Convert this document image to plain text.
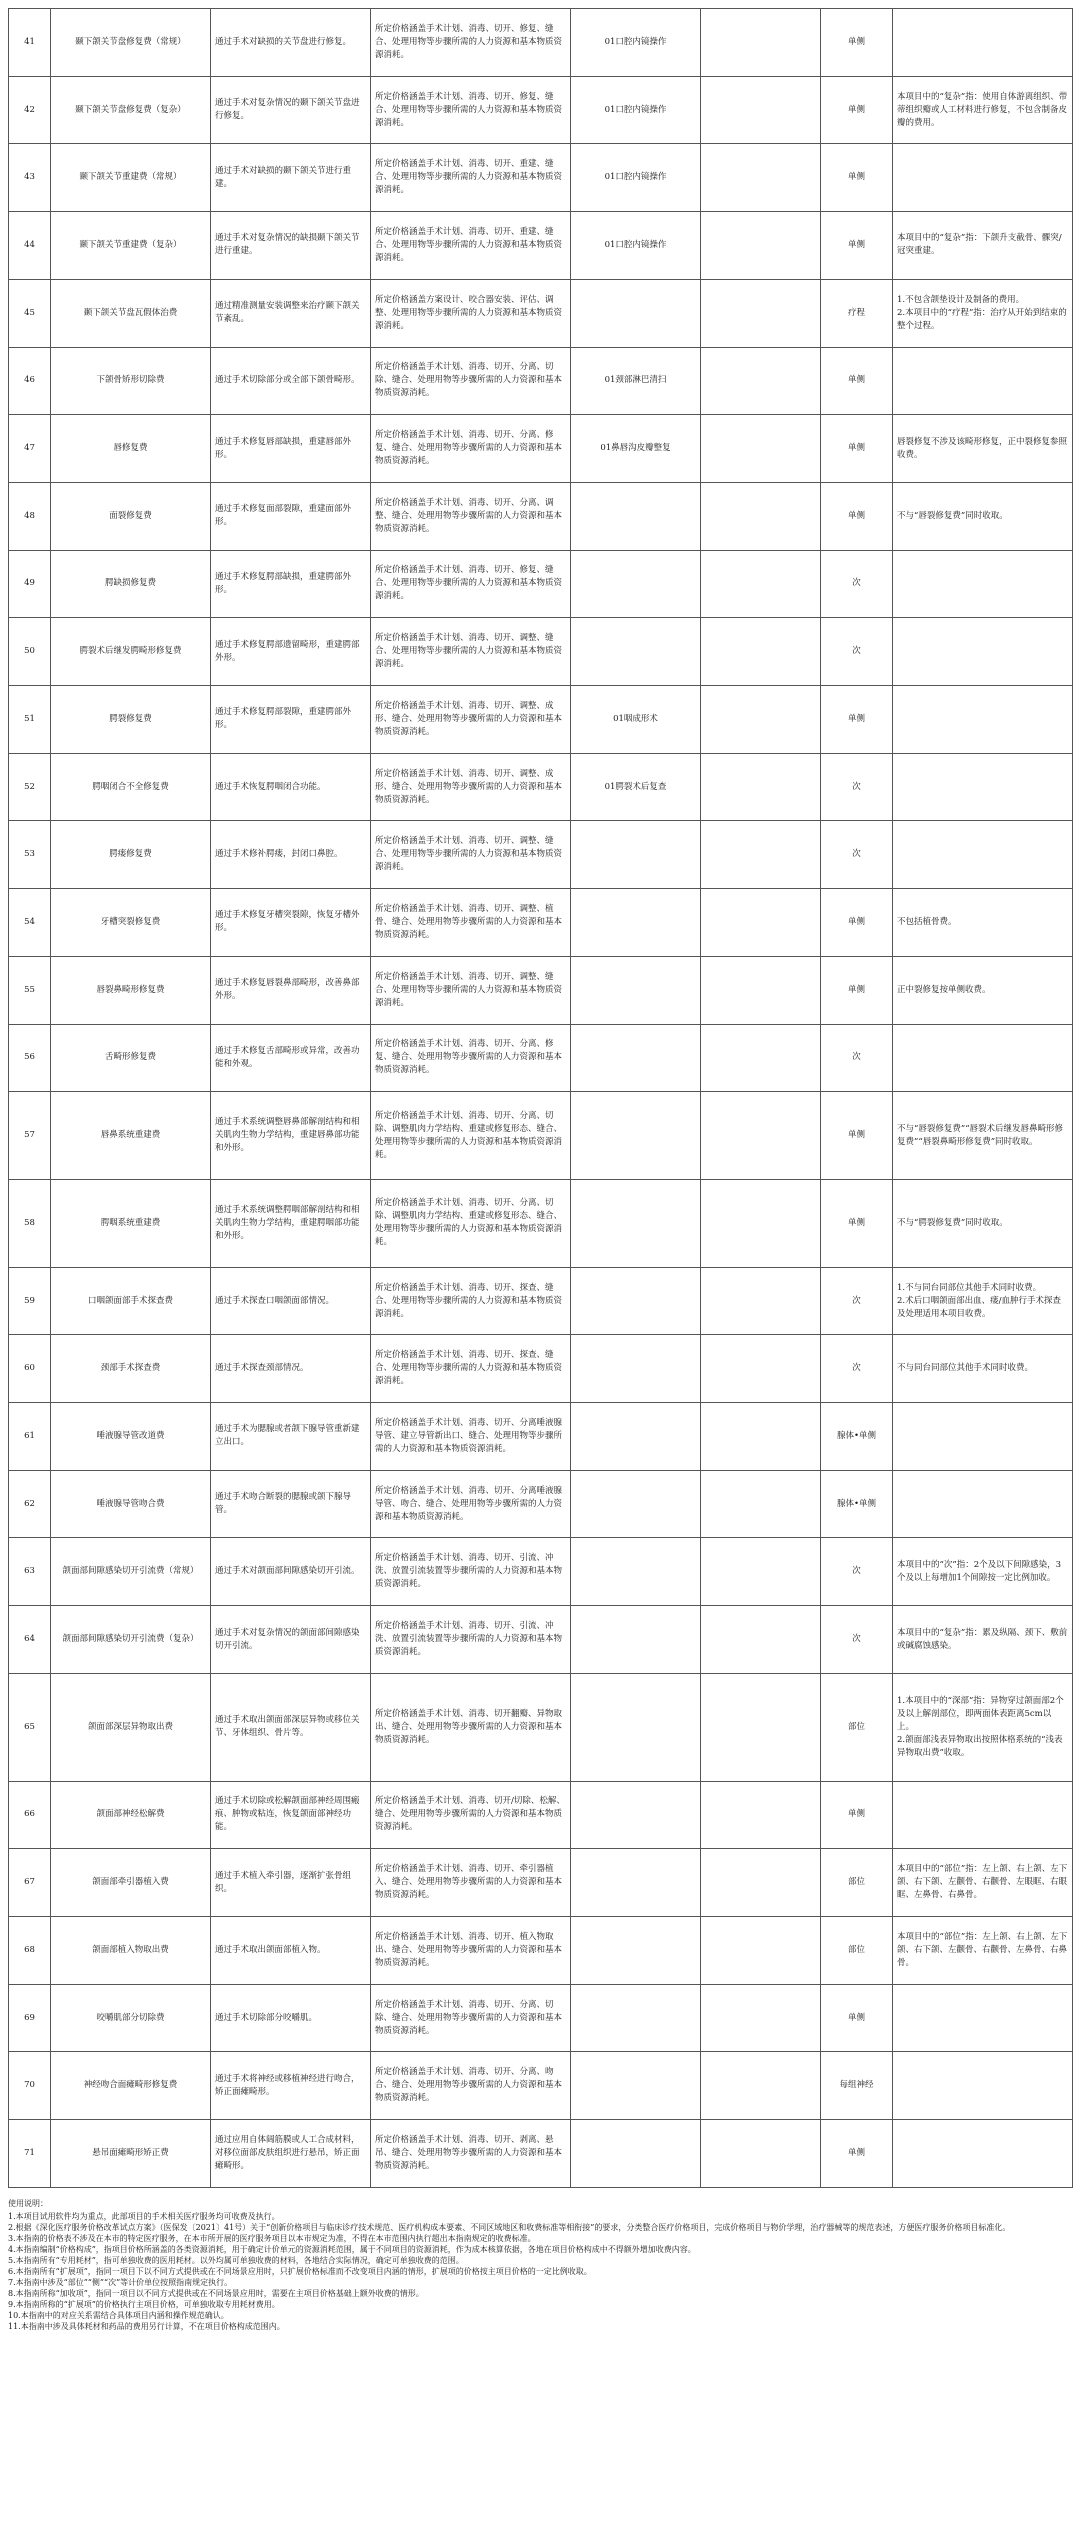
41	颞下颌关节盘修复费（常规）	通过手术对缺损的关节盘进行修复。	所定价格涵盖手术计划、消毒、切开、修复、缝合、处理用物等步骤所需的人力资源和基本物质资源消耗。	01口腔内镜操作		单侧	
42	颞下颌关节盘修复费（复杂）	通过手术对复杂情况的颞下颌关节盘进行修复。	所定价格涵盖手术计划、消毒、切开、修复、缝合、处理用物等步骤所需的人力资源和基本物质资源消耗。	01口腔内镜操作		单侧	本项目中的“复杂”指：使用自体游离组织、带蒂组织瓣或人工材料进行修复，不包含制备皮瓣的费用。
43	颞下颌关节重建费（常规）	通过手术对缺损的颞下颌关节进行重建。	所定价格涵盖手术计划、消毒、切开、重建、缝合、处理用物等步骤所需的人力资源和基本物质资源消耗。	01口腔内镜操作		单侧	
44	颞下颌关节重建费（复杂）	通过手术对复杂情况的缺损颞下颌关节进行重建。	所定价格涵盖手术计划、消毒、切开、重建、缝合、处理用物等步骤所需的人力资源和基本物质资源消耗。	01口腔内镜操作		单侧	本项目中的“复杂”指：下颌升支截骨、髁突/冠突重建。
45	颞下颌关节盘瓦假体治费	通过精准测量安装调整来治疗颞下颌关节紊乱。	所定价格涵盖方案设计、咬合器安装、评估、调整、处理用物等步骤所需的人力资源和基本物质资源消耗。			疗程	1.不包含颌垫设计及制备的费用。
2.本项目中的“疗程”指：治疗从开始到结束的整个过程。
46	下颌骨矫形切除费	通过手术切除部分或全部下颌骨畸形。	所定价格涵盖手术计划、消毒、切开、分离、切除、缝合、处理用物等步骤所需的人力资源和基本物质资源消耗。	01颈部淋巴清扫		单侧	
47	唇修复费	通过手术修复唇部缺损，重建唇部外形。	所定价格涵盖手术计划、消毒、切开、分离、修复、缝合、处理用物等步骤所需的人力资源和基本物质资源消耗。	01鼻唇沟皮瓣整复		单侧	唇裂修复不涉及该畸形修复，正中裂修复参照收费。
48	面裂修复费	通过手术修复面部裂隙，重建面部外形。	所定价格涵盖手术计划、消毒、切开、分离、调整、缝合、处理用物等步骤所需的人力资源和基本物质资源消耗。			单侧	不与“唇裂修复费”同时收取。
49	腭缺损修复费	通过手术修复腭部缺损，重建腭部外形。	所定价格涵盖手术计划、消毒、切开、修复、缝合、处理用物等步骤所需的人力资源和基本物质资源消耗。			次	
50	腭裂术后继发腭畸形修复费	通过手术修复腭部遗留畸形，重建腭部外形。	所定价格涵盖手术计划、消毒、切开、调整、缝合、处理用物等步骤所需的人力资源和基本物质资源消耗。			次	
51	腭裂修复费	通过手术修复腭部裂隙，重建腭部外形。	所定价格涵盖手术计划、消毒、切开、调整、成形、缝合、处理用物等步骤所需的人力资源和基本物质资源消耗。	01咽成形术		单侧	
52	腭咽闭合不全修复费	通过手术恢复腭咽闭合功能。	所定价格涵盖手术计划、消毒、切开、调整、成形、缝合、处理用物等步骤所需的人力资源和基本物质资源消耗。	01腭裂术后复查		次	
53	腭瘘修复费	通过手术修补腭瘘，封闭口鼻腔。	所定价格涵盖手术计划、消毒、切开、调整、缝合、处理用物等步骤所需的人力资源和基本物质资源消耗。			次	
54	牙槽突裂修复费	通过手术修复牙槽突裂隙，恢复牙槽外形。	所定价格涵盖手术计划、消毒、切开、调整、植骨、缝合、处理用物等步骤所需的人力资源和基本物质资源消耗。			单侧	不包括植骨费。
55	唇裂鼻畸形修复费	通过手术修复唇裂鼻部畸形，改善鼻部外形。	所定价格涵盖手术计划、消毒、切开、调整、缝合、处理用物等步骤所需的人力资源和基本物质资源消耗。			单侧	正中裂修复按单侧收费。
56	舌畸形修复费	通过手术修复舌部畸形或异常，改善功能和外观。	所定价格涵盖手术计划、消毒、切开、分离、修复、缝合、处理用物等步骤所需的人力资源和基本物质资源消耗。			次	
57	唇鼻系统重建费	通过手术系统调整唇鼻部解剖结构和相关肌肉生物力学结构，重建唇鼻部功能和外形。	所定价格涵盖手术计划、消毒、切开、分离、切除、调整肌肉力学结构、重建或修复形态、缝合、处理用物等步骤所需的人力资源和基本物质资源消耗。			单侧	不与“唇裂修复费”“唇裂术后继发唇鼻畸形修复费”“唇裂鼻畸形修复费”同时收取。
58	腭咽系统重建费	通过手术系统调整腭咽部解剖结构和相关肌肉生物力学结构，重建腭咽部功能和外形。	所定价格涵盖手术计划、消毒、切开、分离、切除、调整肌肉力学结构、重建或修复形态、缝合、处理用物等步骤所需的人力资源和基本物质资源消耗。			单侧	不与“腭裂修复费”同时收取。
59	口咽颌面部手术探查费	通过手术探查口咽颌面部情况。	所定价格涵盖手术计划、消毒、切开、探查、缝合、处理用物等步骤所需的人力资源和基本物质资源消耗。			次	1.不与同台同部位其他手术同时收费。
2.术后口咽颌面部出血、瘘/血肿行手术探查及处理适用本项目收费。
60	颈部手术探查费	通过手术探查颈部情况。	所定价格涵盖手术计划、消毒、切开、探查、缝合、处理用物等步骤所需的人力资源和基本物质资源消耗。			次	不与同台同部位其他手术同时收费。
61	唾液腺导管改道费	通过手术为腮腺或者颌下腺导管重新建立出口。	所定价格涵盖手术计划、消毒、切开、分离唾液腺导管、建立导管新出口、缝合、处理用物等步骤所需的人力资源和基本物质资源消耗。			腺体•单侧	
62	唾液腺导管吻合费	通过手术吻合断裂的腮腺或颌下腺导管。	所定价格涵盖手术计划、消毒、切开、分离唾液腺导管、吻合、缝合、处理用物等步骤所需的人力资源和基本物质资源消耗。			腺体•单侧	
63	颌面部间隙感染切开引流费（常规）	通过手术对颌面部间隙感染切开引流。	所定价格涵盖手术计划、消毒、切开、引流、冲洗、放置引流装置等步骤所需的人力资源和基本物质资源消耗。			次	本项目中的“次”指：2个及以下间隙感染，3个及以上每增加1个间隙按一定比例加收。
64	颌面部间隙感染切开引流费（复杂）	通过手术对复杂情况的颌面部间隙感染切开引流。	所定价格涵盖手术计划、消毒、切开、引流、冲洗、放置引流装置等步骤所需的人力资源和基本物质资源消耗。			次	本项目中的“复杂”指：累及纵隔、颈下、敷前或碱腐蚀感染。
65	颌面部深层异物取出费	通过手术取出颌面部深层异物或移位关节、牙体组织、骨片等。	所定价格涵盖手术计划、消毒、切开翻瓣、异物取出、缝合、处理用物等步骤所需的人力资源和基本物质资源消耗。			部位	1.本项目中的“深部”指：异物穿过颌面部2个及以上解剖部位，即两面体表距离5cm以上。
2.颌面部浅表异物取出按照体格系统的“浅表异物取出费”收取。
66	颌面部神经松解费	通过手术切除或松解颌面部神经周围瘢痕、肿物或粘连，恢复颌面部神经功能。	所定价格涵盖手术计划、消毒、切开/切除、松解、缝合、处理用物等步骤所需的人力资源和基本物质资源消耗。			单侧	
67	颌面部牵引器植入费	通过手术植入牵引器，逐渐扩张骨组织。	所定价格涵盖手术计划、消毒、切开、牵引器植入、缝合、处理用物等步骤所需的人力资源和基本物质资源消耗。			部位	本项目中的“部位”指：左上颌、右上颌、左下颌、右下颌、左颧骨、右颧骨、左眼眶、右眼眶、左鼻骨、右鼻骨。
68	颌面部植入物取出费	通过手术取出颌面部植入物。	所定价格涵盖手术计划、消毒、切开、植入物取出、缝合、处理用物等步骤所需的人力资源和基本物质资源消耗。			部位	本项目中的“部位”指：左上颌、右上颌、左下颌、右下颌、左颧骨、右颧骨、左鼻骨、右鼻骨。
69	咬嚼肌部分切除费	通过手术切除部分咬嚼肌。	所定价格涵盖手术计划、消毒、切开、分离、切除、缝合、处理用物等步骤所需的人力资源和基本物质资源消耗。			单侧	
70	神经吻合面瘫畸形修复费	通过手术将神经或移植神经进行吻合，矫正面瘫畸形。	所定价格涵盖手术计划、消毒、切开、分离、吻合、缝合、处理用物等步骤所需的人力资源和基本物质资源消耗。			每组神经	
71	悬吊面瘫畸形矫正费	通过应用自体阔筋膜或人工合成材料，对移位面部皮肤组织进行悬吊，矫正面瘫畸形。	所定价格涵盖手术计划、消毒、切开、剥离、悬吊、缝合、处理用物等步骤所需的人力资源和基本物质资源消耗。			单侧	

使用说明：

1.本项目试用软件均为重点，此部项目的手术相关医疗服务均可收费及执行。

2.根据《深化医疗服务价格改革试点方案》（医保发〔2021〕41号）关于“创新价格项目与临床诊疗技术规范、医疗机构成本要素、不同区域地区和收费标准等相衔接”的要求，分类整合医疗价格项目，完成价格项目与物价学理，治疗器械等的规范表述，方便医疗服务价格项目标准化。

3.本指南的价格表不涉及在本市的特定医疗服务，在本市所开展的医疗服务项目以本市规定为准，不得在本市范围内执行超出本指南规定的收费标准。

4.本指南编制“价格构成”，指项目价格所涵盖的各类资源消耗，用于确定计价单元的资源消耗范围，属于不同项目的资源消耗，作为成本核算依据，各地在项目价格构成中不得额外增加收费内容。

5.本指南所有“专用耗材”，指可单独收费的医用耗材。以外均属可单独收费的材料，各地结合实际情况，确定可单独收费的范围。

6.本指南所有“扩展项”，指同一项目下以不同方式提供或在不同场景应用时，只扩展价格标准而不改变项目内涵的情形，扩展项的价格按主项目价格的一定比例收取。

7.本指南中涉及“部位”“侧”“次”等计价单位按照指南规定执行。

8.本指南所称“加收项”，指同一项目以不同方式提供或在不同场景应用时，需要在主项目价格基础上额外收费的情形。

9.本指南所称的“扩展项”的价格执行主项目价格，可单独收取专用耗材费用。

10.本指南中的对应关系需结合具体项目内涵和操作规范确认。

11.本指南中涉及具体耗材和药品的费用另行计算，不在项目价格构成范围内。
